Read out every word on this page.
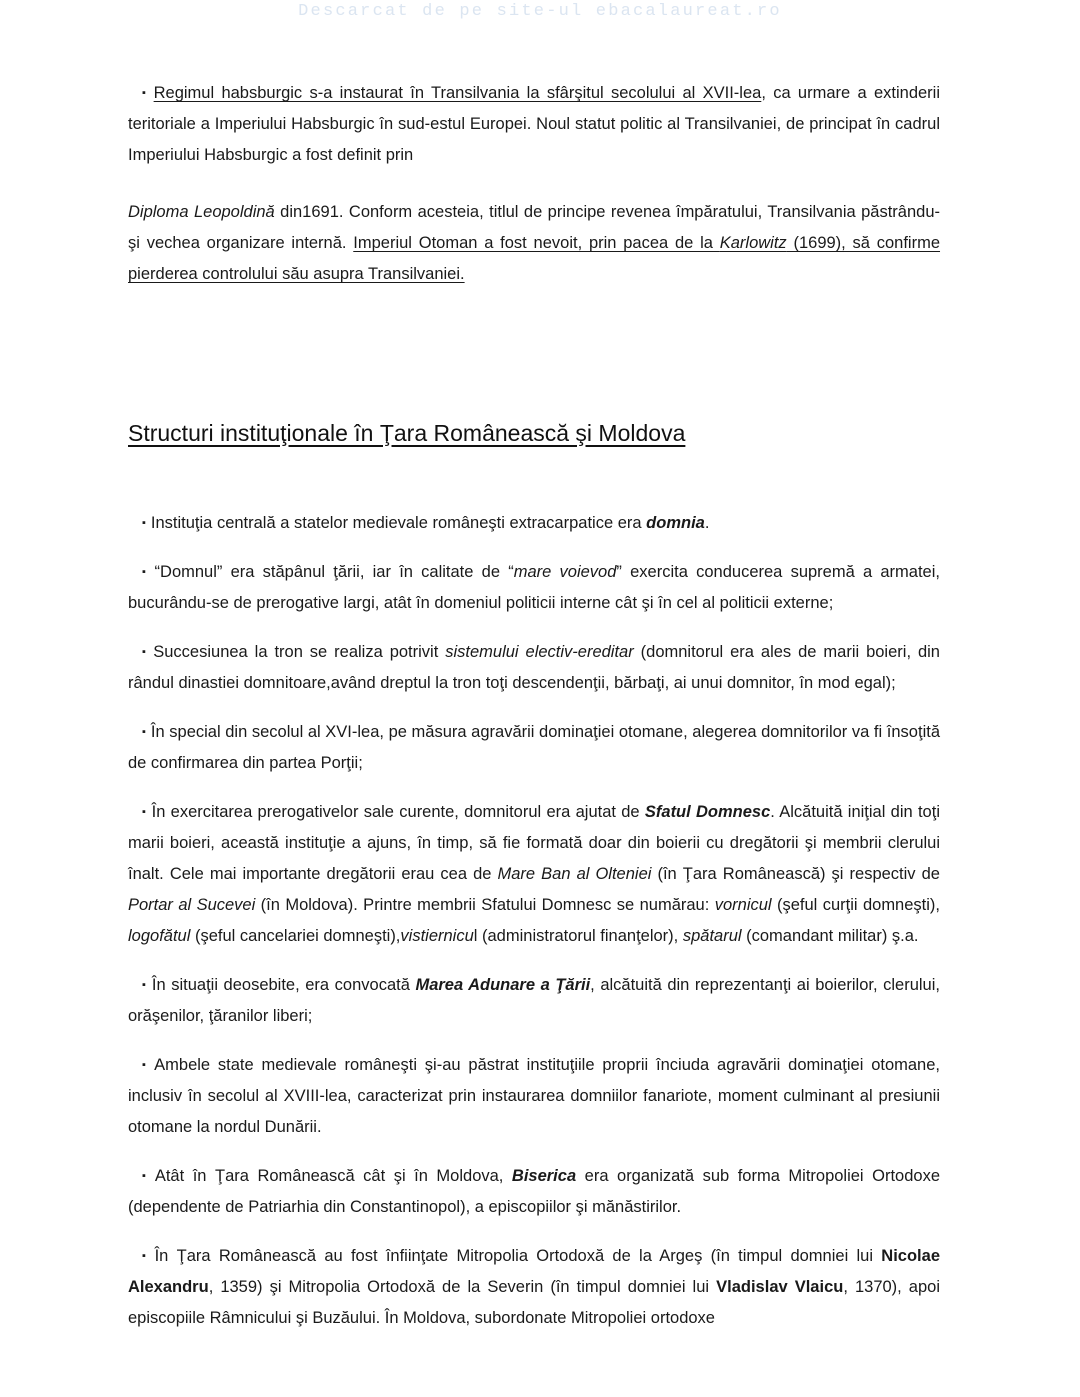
Descarcat de pe site-ul ebacalaureat.ro

▪ Regimul habsburgic s-a instaurat în Transilvania la sfârşitul secolului al XVII-lea, ca urmare a extinderii teritoriale a Imperiului Habsburgic în sud-estul Europei. Noul statut politic al Transilvaniei, de principat în cadrul Imperiului Habsburgic a fost definit prin

Diploma Leopoldină din1691. Conform acesteia, titlul de principe revenea împăratului, Transilvania păstrându-şi vechea organizare internă. Imperiul Otoman a fost nevoit, prin pacea de la Karlowitz (1699), să confirme pierderea controlului său asupra Transilvaniei.

Structuri instituţionale în Ţara Românească şi Moldova

▪ Instituţia centrală a statelor medievale româneşti extracarpatice era domnia.

▪ “Domnul” era stăpânul ţării, iar în calitate de “mare voievod” exercita conducerea supremă a armatei, bucurându-se de prerogative largi, atât în domeniul politicii interne cât şi în cel al politicii externe;

▪ Succesiunea la tron se realiza potrivit sistemului electiv-ereditar (domnitorul era ales de marii boieri, din rândul dinastiei domnitoare,având dreptul la tron toţi descendenţii, bărbaţi, ai unui domnitor, în mod egal);

▪ În special din secolul al XVI-lea, pe măsura agravării dominaţiei otomane, alegerea domnitorilor va fi însoţită de confirmarea din partea Porţii;

▪ În exercitarea prerogativelor sale curente, domnitorul era ajutat de Sfatul Domnesc. Alcătuită iniţial din toţi marii boieri, această instituţie a ajuns, în timp, să fie formată doar din boierii cu dregătorii şi membrii clerului înalt. Cele mai importante dregătorii erau cea de Mare Ban al Olteniei (în Ţara Românească) şi respectiv de Portar al Sucevei (în Moldova). Printre membrii Sfatului Domnesc se numărau: vornicul (şeful curţii domneşti), logofătul (şeful cancelariei domneşti),vistiernicul (administratorul finanţelor), spătarul (comandant militar) ş.a.

▪ În situaţii deosebite, era convocată Marea Adunare a Ţării, alcătuită din reprezentanţi ai boierilor, clerului, orăşenilor, ţăranilor liberi;

▪ Ambele state medievale româneşti şi-au păstrat instituţiile proprii înciuda agravării dominaţiei otomane, inclusiv în secolul al XVIII-lea, caracterizat prin instaurarea domniilor fanariote, moment culminant al presiunii otomane la nordul Dunării.

▪ Atât în Ţara Românească cât şi în Moldova, Biserica era organizată sub forma Mitropoliei Ortodoxe (dependente de Patriarhia din Constantinopol), a episcopiilor şi mănăstirilor.

▪ În Ţara Românească au fost înfiinţate Mitropolia Ortodoxă de la Argeş (în timpul domniei lui Nicolae Alexandru, 1359) şi Mitropolia Ortodoxă de la Severin (în timpul domniei lui Vladislav Vlaicu, 1370), apoi episcopiile Râmnicului şi Buzăului. În Moldova, subordonate Mitropoliei ortodoxe
